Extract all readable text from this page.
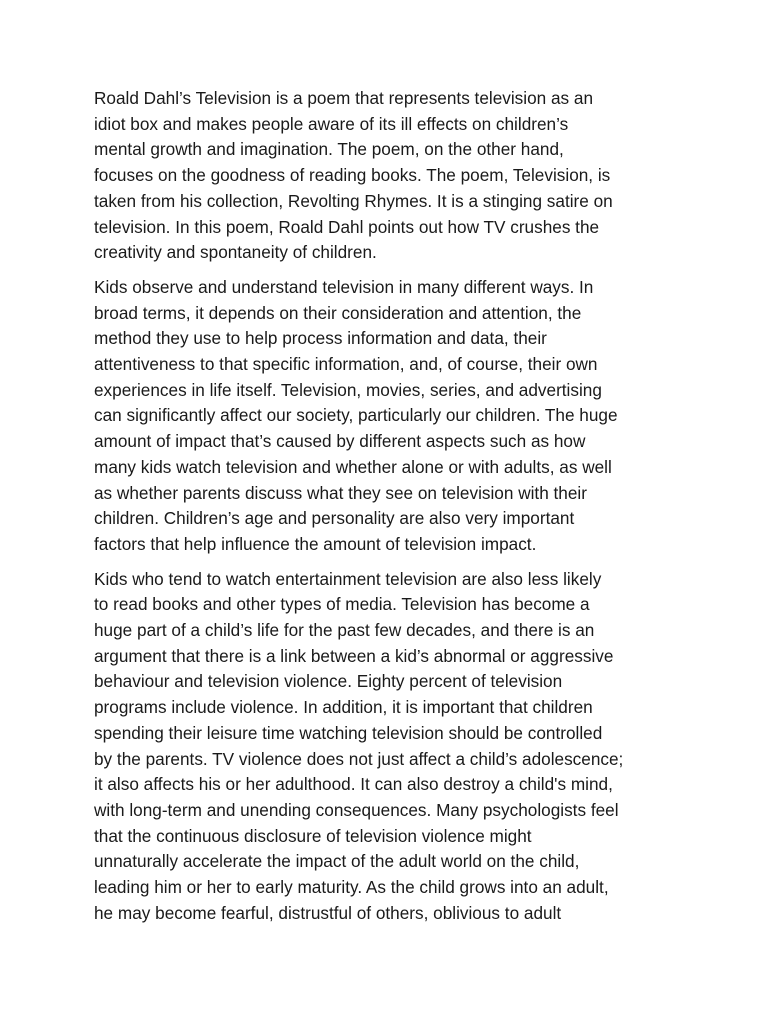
Roald Dahl’s Television is a poem that represents television as an
idiot box and makes people aware of its ill effects on children’s
mental growth and imagination. The poem, on the other hand,
focuses on the goodness of reading books. The poem, Television, is
taken from his collection, Revolting Rhymes. It is a stinging satire on
television. In this poem, Roald Dahl points out how TV crushes the
creativity and spontaneity of children.

Kids observe and understand television in many different ways. In
broad terms, it depends on their consideration and attention, the
method they use to help process information and data, their
attentiveness to that specific information, and, of course, their own
experiences in life itself. Television, movies, series, and advertising
can significantly affect our society, particularly our children. The huge
amount of impact that’s caused by different aspects such as how
many kids watch television and whether alone or with adults, as well
as whether parents discuss what they see on television with their
children. Children’s age and personality are also very important
factors that help influence the amount of television impact.

Kids who tend to watch entertainment television are also less likely
to read books and other types of media. Television has become a
huge part of a child’s life for the past few decades, and there is an
argument that there is a link between a kid’s abnormal or aggressive
behaviour and television violence. Eighty percent of television
programs include violence. In addition, it is important that children
spending their leisure time watching television should be controlled
by the parents. TV violence does not just affect a child’s adolescence;
it also affects his or her adulthood. It can also destroy a child's mind,
with long-term and unending consequences. Many psychologists feel
that the continuous disclosure of television violence might
unnaturally accelerate the impact of the adult world on the child,
leading him or her to early maturity. As the child grows into an adult,
he may become fearful, distrustful of others, oblivious to adult
